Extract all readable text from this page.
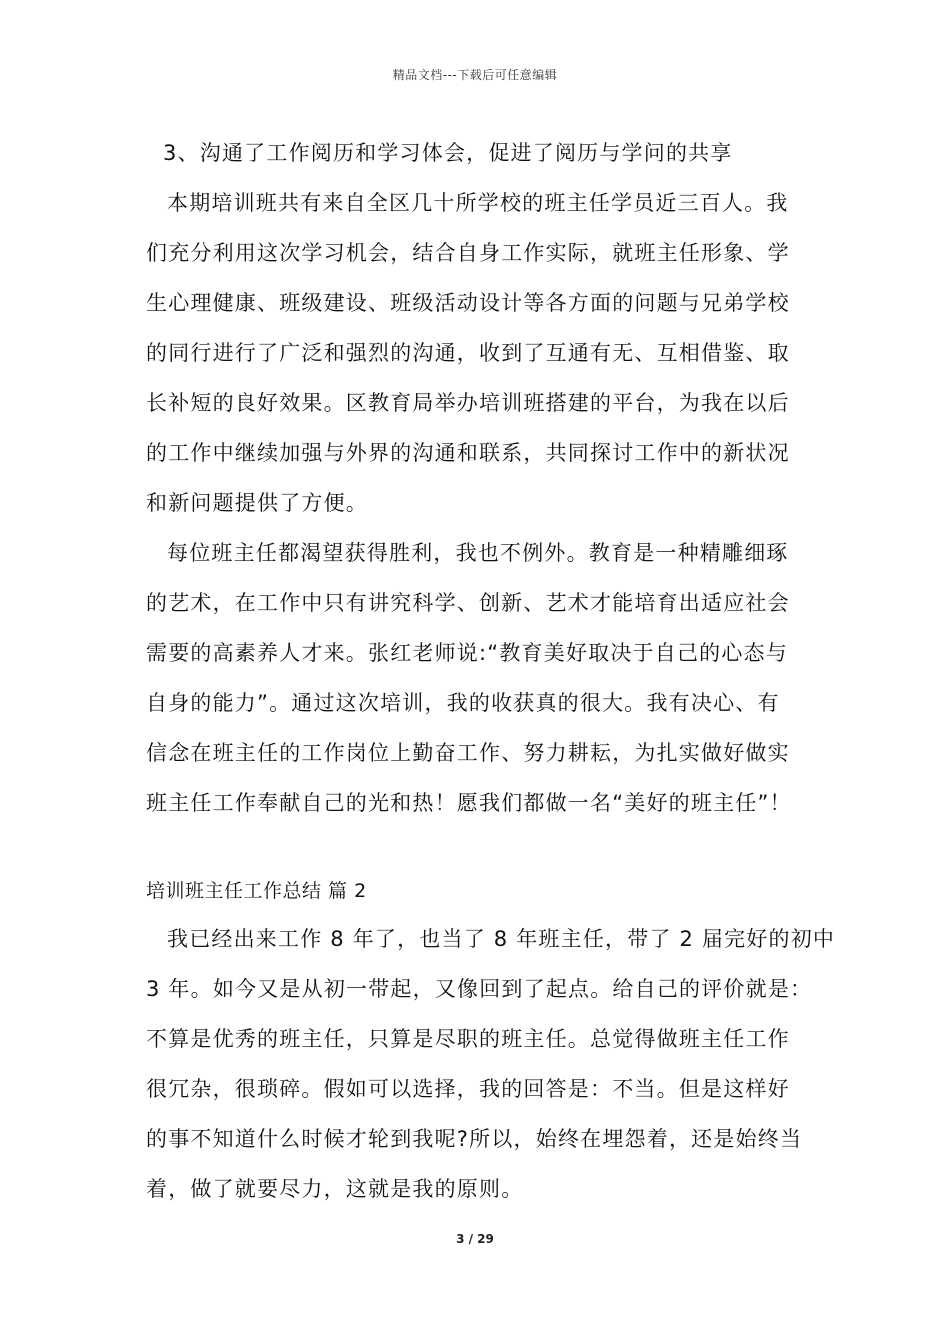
精品文档---下载后可任意编辑
3、沟通了工作阅历和学习体会，促进了阅历与学问的共享
本期培训班共有来自全区几十所学校的班主任学员近三百人。我
们充分利用这次学习机会，结合自身工作实际，就班主任形象、学
生心理健康、班级建设、班级活动设计等各方面的问题与兄弟学校
的同行进行了广泛和强烈的沟通，收到了互通有无、互相借鉴、取
长补短的良好效果。区教育局举办培训班搭建的平台，为我在以后
的工作中继续加强与外界的沟通和联系，共同探讨工作中的新状况
和新问题提供了方便。
每位班主任都渴望获得胜利，我也不例外。教育是一种精雕细琢
的艺术，在工作中只有讲究科学、创新、艺术才能培育出适应社会
需要的高素养人才来。张红老师说:“教育美好取决于自己的心态与
自身的能力”。通过这次培训，我的收获真的很大。我有决心、有
信念在班主任的工作岗位上勤奋工作、努力耕耘，为扎实做好做实
班主任工作奉献自己的光和热！愿我们都做一名“美好的班主任”！
培训班主任工作总结 篇 2
我已经出来工作 8 年了，也当了 8 年班主任，带了 2 届完好的初中
3 年。如今又是从初一带起，又像回到了起点。给自己的评价就是：
不算是优秀的班主任，只算是尽职的班主任。总觉得做班主任工作
很冗杂，很琐碎。假如可以选择，我的回答是：不当。但是这样好
的事不知道什么时候才轮到我呢?所以，始终在埋怨着，还是始终当
着，做了就要尽力，这就是我的原则。
3 / 29
